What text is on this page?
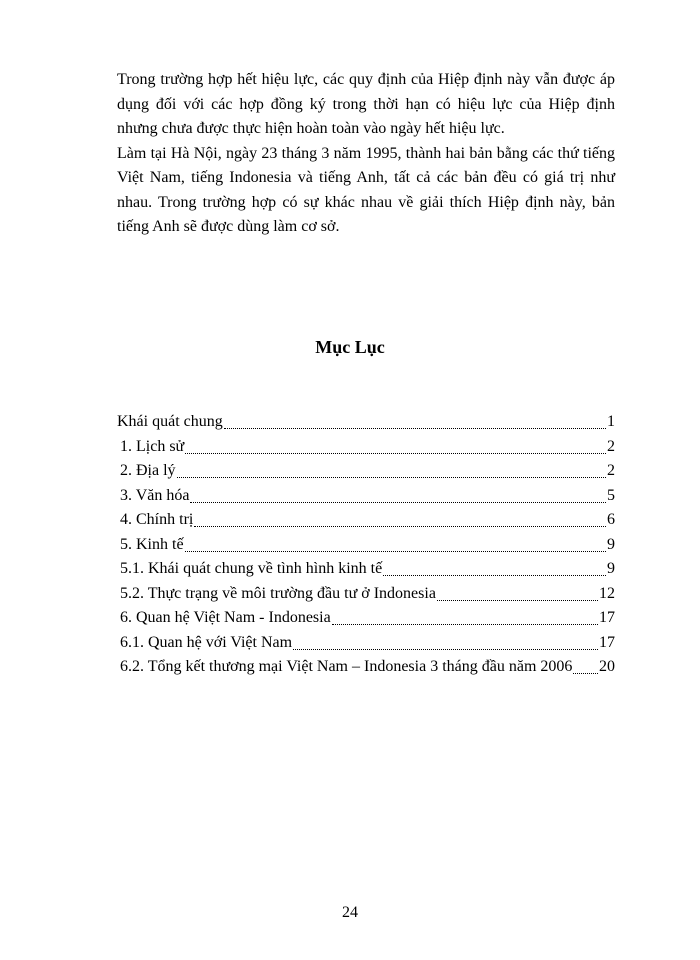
Trong trường hợp hết hiệu lực, các quy định của Hiệp định này vẫn được áp dụng đối với các hợp đồng ký trong thời hạn có hiệu lực của Hiệp định nhưng chưa được thực hiện hoàn toàn vào ngày hết hiệu lực.

Làm tại Hà Nội, ngày 23 tháng 3 năm 1995, thành hai bản bằng các thứ tiếng Việt Nam, tiếng Indonesia và tiếng Anh, tất cả các bản đều có giá trị như nhau. Trong trường hợp có sự khác nhau về giải thích Hiệp định này, bản tiếng Anh sẽ được dùng làm cơ sở.

Mục Lục
Khái quát chung	1
1. Lịch sử	2
2. Địa lý	2
3. Văn hóa	5
4. Chính trị	6
5. Kinh tế	9
5.1. Khái quát chung về tình hình kinh tế	9
5.2. Thực trạng về môi trường đầu tư ở Indonesia	12
6. Quan hệ Việt Nam - Indonesia	17
6.1. Quan hệ với Việt Nam	17
6.2. Tổng kết thương mại Việt Nam – Indonesia 3 tháng đầu năm 2006 20
24
